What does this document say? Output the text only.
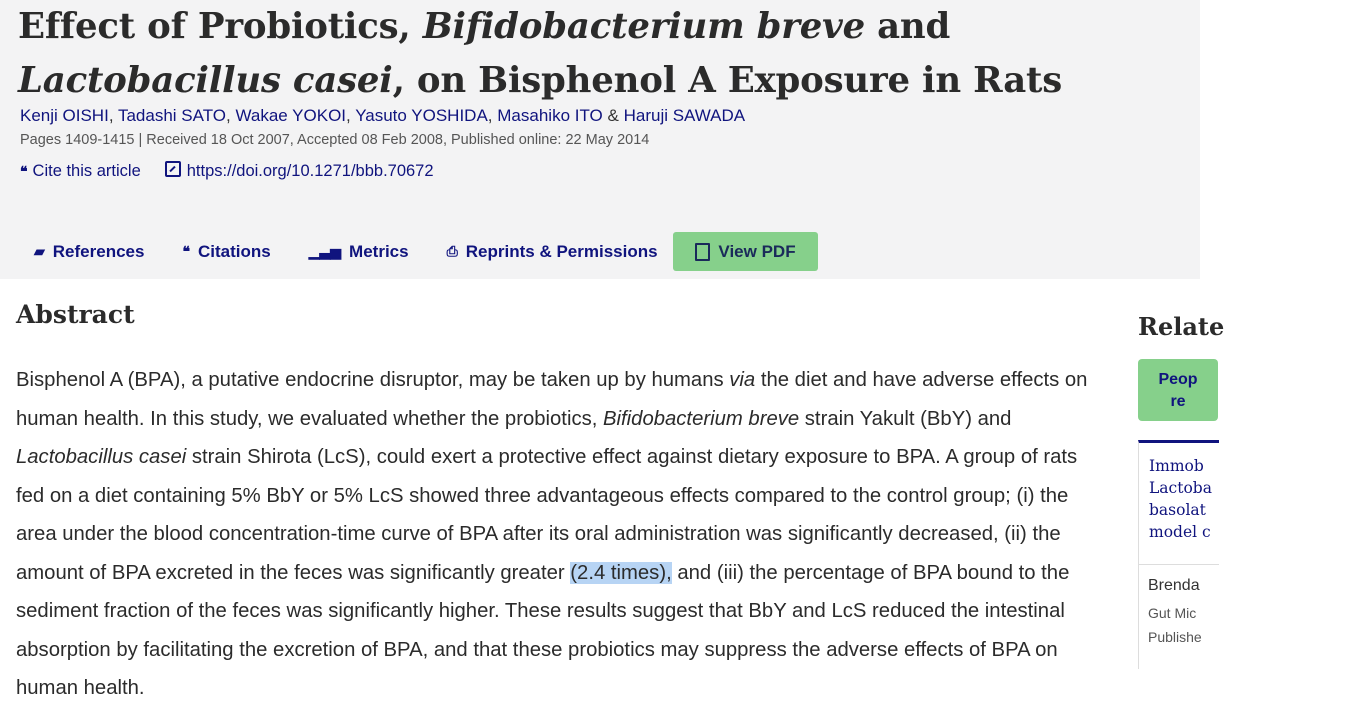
Effect of Probiotics, Bifidobacterium breve and Lactobacillus casei, on Bisphenol A Exposure in Rats
Kenji OISHI, Tadashi SATO, Wakae YOKOI, Yasuto YOSHIDA, Masahiko ITO & Haruji SAWADA
Pages 1409-1415 | Received 18 Oct 2007, Accepted 08 Feb 2008, Published online: 22 May 2014
❝ Cite this article	https://doi.org/10.1271/bbb.70672
▰ References	❝ Citations	▁▃▅ Metrics	⎙ Reprints & Permissions	View PDF
Abstract

Bisphenol A (BPA), a putative endocrine disruptor, may be taken up by humans via the diet and have adverse effects on human health. In this study, we evaluated whether the probiotics, Bifidobacterium breve strain Yakult (BbY) and Lactobacillus casei strain Shirota (LcS), could exert a protective effect against dietary exposure to BPA. A group of rats fed on a diet containing 5% BbY or 5% LcS showed three advantageous effects compared to the control group; (i) the area under the blood concentration-time curve of BPA after its oral administration was significantly decreased, (ii) the amount of BPA excreted in the feces was significantly greater (2.4 times), and (iii) the percentage of BPA bound to the sediment fraction of the feces was significantly higher. These results suggest that BbY and LcS reduced the intestinal absorption by facilitating the excretion of BPA, and that these probiotics may suppress the adverse effects of BPA on human health.

Relate
Peop
re
Immob
Lactoba
basolat
model c
Brenda
Gut Mic
Publishe
